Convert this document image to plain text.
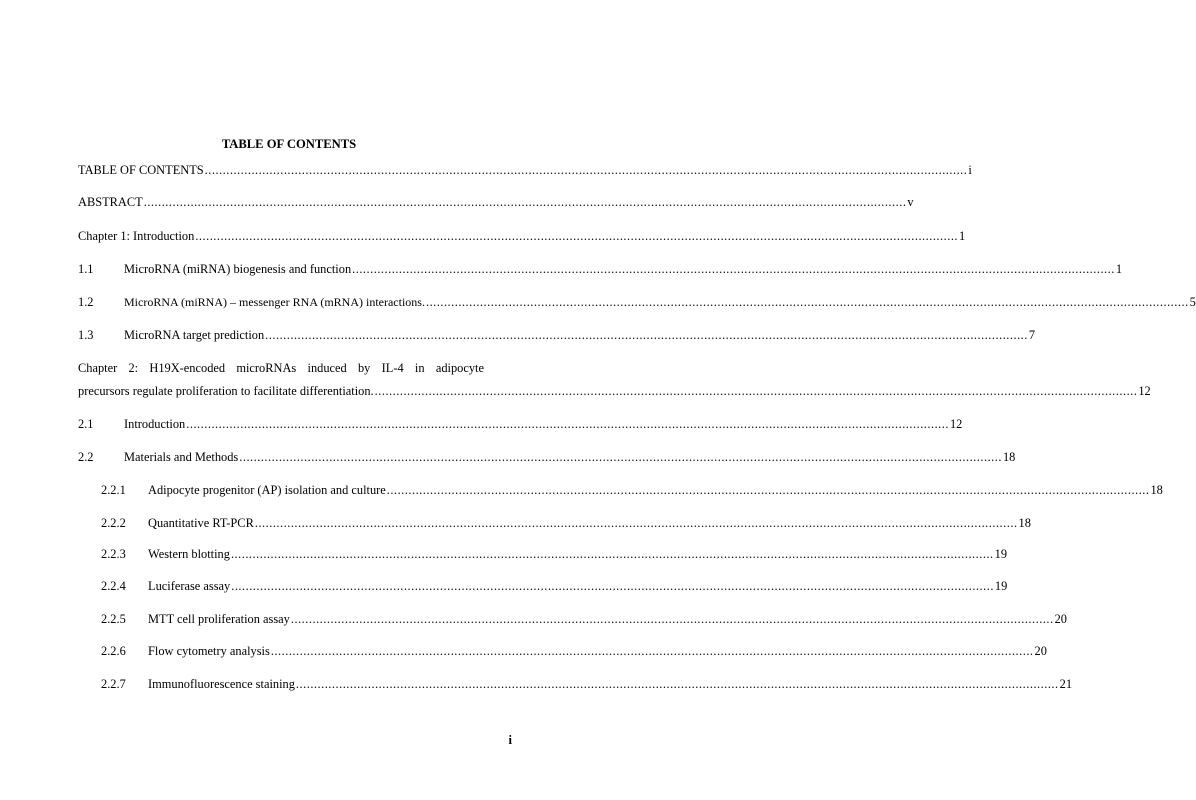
TABLE OF CONTENTS
TABLE OF CONTENTS .................................................................................................................................................................................................................... i
ABSTRACT .................................................................................................................................................................................................................... v
Chapter 1: Introduction .................................................................................................................................................................................................................... 1
1.1	MicroRNA (miRNA) biogenesis and function .................................................................................................................................................................................................................... 1
1.2	MicroRNA (miRNA) – messenger RNA (mRNA) interactions. .................................................................................................................................................................................................................... 5
1.3	MicroRNA target prediction .................................................................................................................................................................................................................... 7
Chapter 2: H19X-encoded microRNAs induced by IL-4 in adipocyte
precursors regulate proliferation to facilitate differentiation. .................................................................................................................................................................................................................... 12
2.1	Introduction .................................................................................................................................................................................................................... 12
2.2	Materials and Methods .................................................................................................................................................................................................................... 18
2.2.1	Adipocyte progenitor (AP) isolation and culture .................................................................................................................................................................................................................... 18
2.2.2	Quantitative RT-PCR .................................................................................................................................................................................................................... 18
2.2.3	Western blotting .................................................................................................................................................................................................................... 19
2.2.4	Luciferase assay .................................................................................................................................................................................................................... 19
2.2.5	MTT cell proliferation assay .................................................................................................................................................................................................................... 20
2.2.6	Flow cytometry analysis .................................................................................................................................................................................................................... 20
2.2.7	Immunofluorescence staining .................................................................................................................................................................................................................... 21
i
